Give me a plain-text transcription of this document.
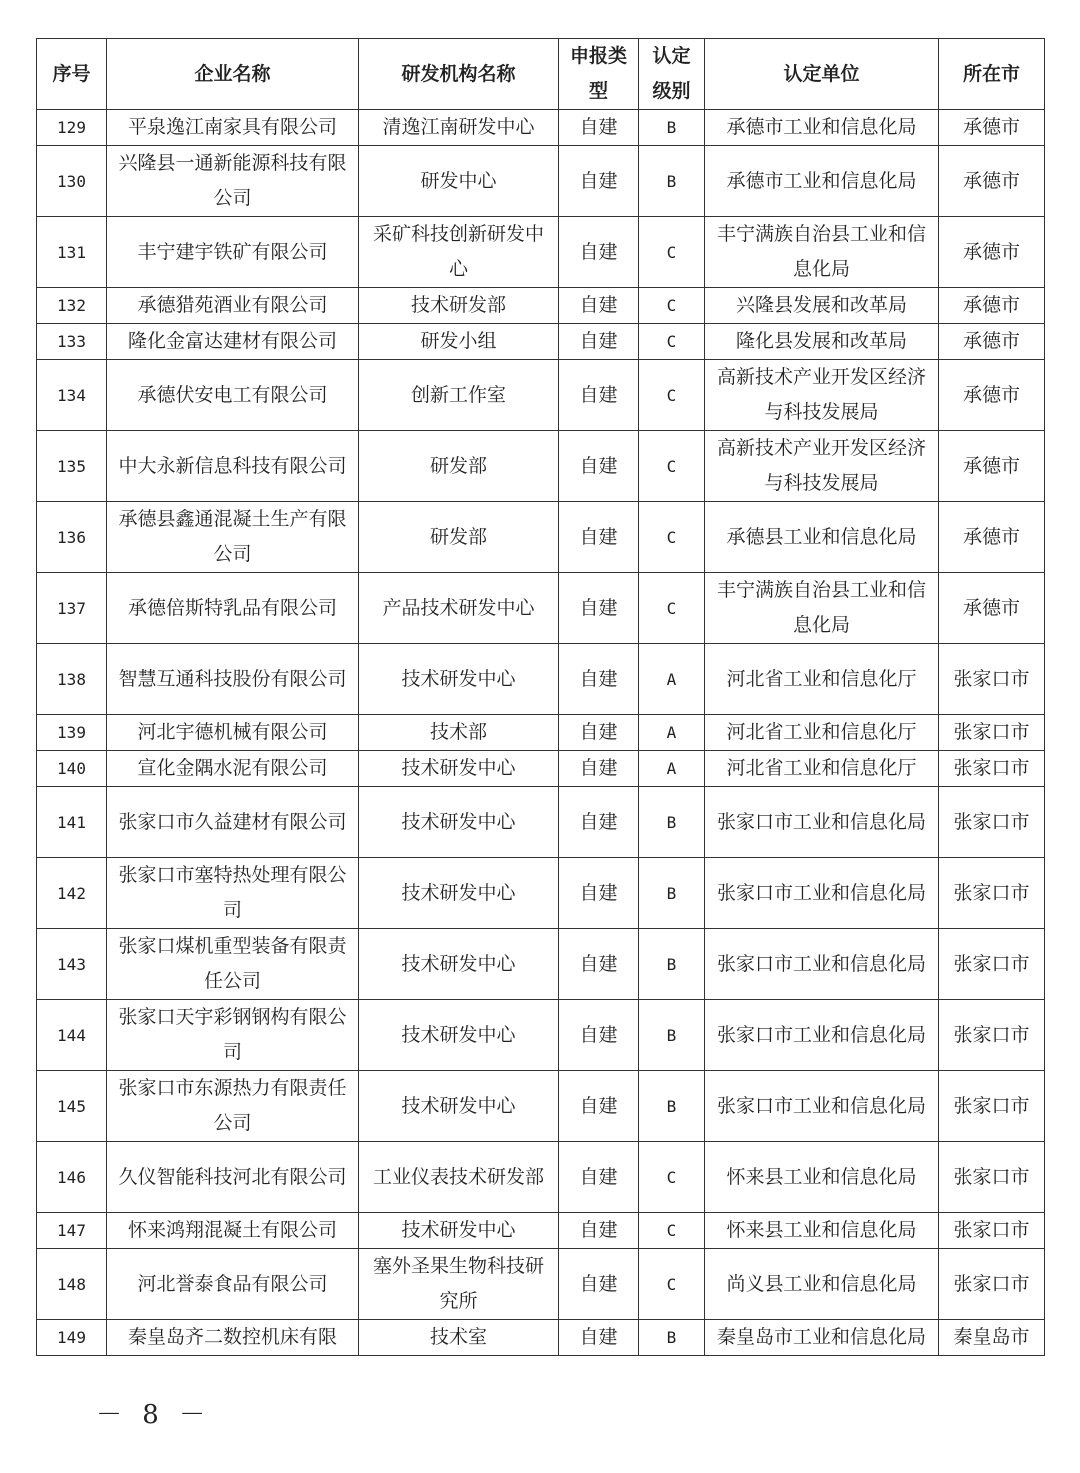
序号	企业名称	研发机构名称	申报类型	认定级别	认定单位	所在市
129	平泉逸江南家具有限公司	清逸江南研发中心	自建	B	承德市工业和信息化局	承德市
130	兴隆县一通新能源科技有限公司	研发中心	自建	B	承德市工业和信息化局	承德市
131	丰宁建宇铁矿有限公司	采矿科技创新研发中心	自建	C	丰宁满族自治县工业和信息化局	承德市
132	承德猎苑酒业有限公司	技术研发部	自建	C	兴隆县发展和改革局	承德市
133	隆化金富达建材有限公司	研发小组	自建	C	隆化县发展和改革局	承德市
134	承德伏安电工有限公司	创新工作室	自建	C	高新技术产业开发区经济与科技发展局	承德市
135	中大永新信息科技有限公司	研发部	自建	C	高新技术产业开发区经济与科技发展局	承德市
136	承德县鑫通混凝土生产有限公司	研发部	自建	C	承德县工业和信息化局	承德市
137	承德倍斯特乳品有限公司	产品技术研发中心	自建	C	丰宁满族自治县工业和信息化局	承德市
138	智慧互通科技股份有限公司	技术研发中心	自建	A	河北省工业和信息化厅	张家口市
139	河北宇德机械有限公司	技术部	自建	A	河北省工业和信息化厅	张家口市
140	宣化金隅水泥有限公司	技术研发中心	自建	A	河北省工业和信息化厅	张家口市
141	张家口市久益建材有限公司	技术研发中心	自建	B	张家口市工业和信息化局	张家口市
142	张家口市塞特热处理有限公司	技术研发中心	自建	B	张家口市工业和信息化局	张家口市
143	张家口煤机重型装备有限责任公司	技术研发中心	自建	B	张家口市工业和信息化局	张家口市
144	张家口天宇彩钢钢构有限公司	技术研发中心	自建	B	张家口市工业和信息化局	张家口市
145	张家口市东源热力有限责任公司	技术研发中心	自建	B	张家口市工业和信息化局	张家口市
146	久仪智能科技河北有限公司	工业仪表技术研发部	自建	C	怀来县工业和信息化局	张家口市
147	怀来鸿翔混凝土有限公司	技术研发中心	自建	C	怀来县工业和信息化局	张家口市
148	河北誉泰食品有限公司	塞外圣果生物科技研究所	自建	C	尚义县工业和信息化局	张家口市
149	秦皇岛齐二数控机床有限	技术室	自建	B	秦皇岛市工业和信息化局	秦皇岛市
－ 8 －
